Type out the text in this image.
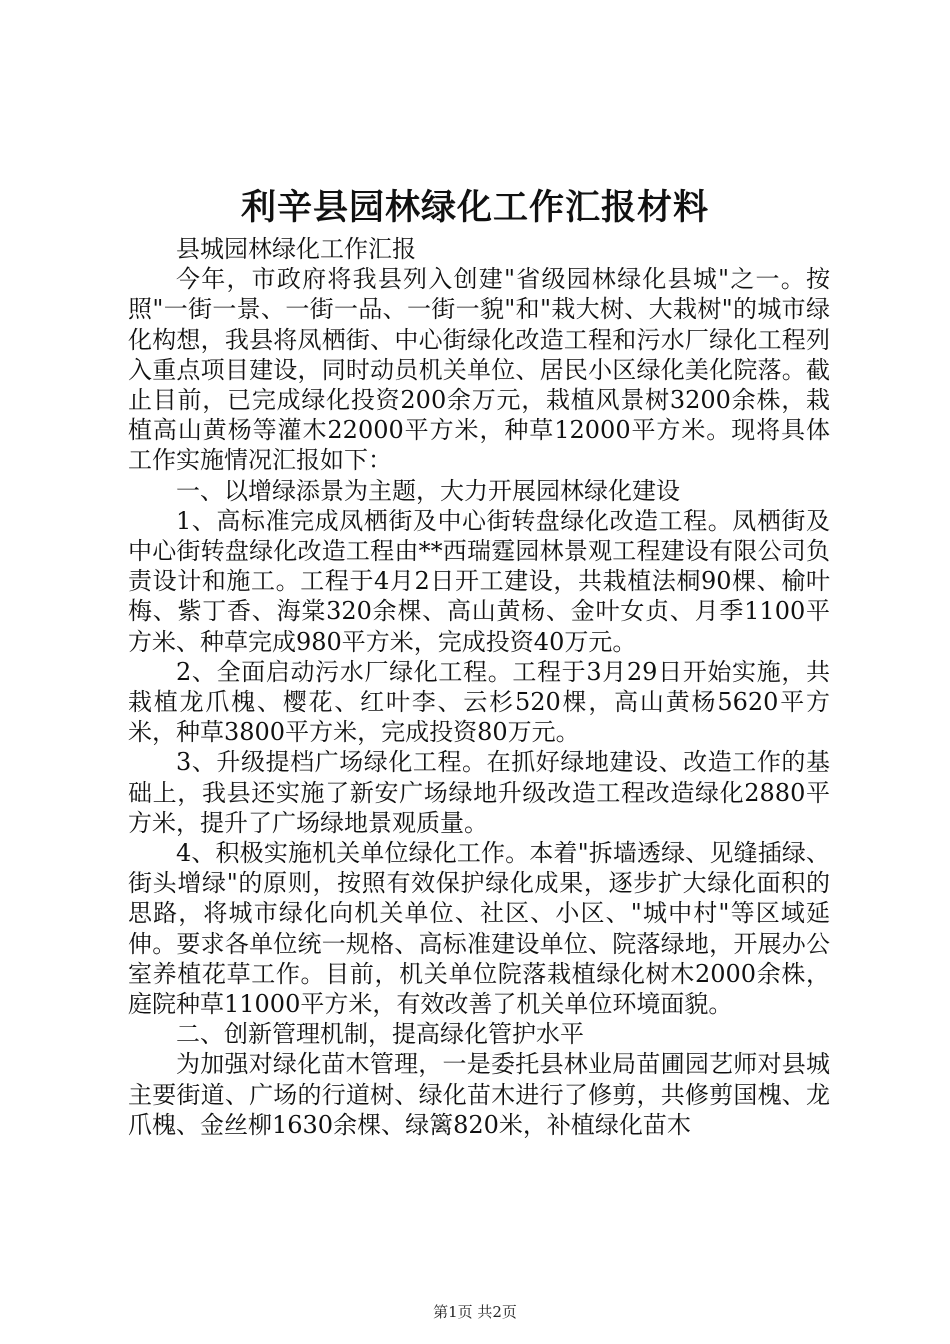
利辛县园林绿化工作汇报材料

县城园林绿化工作汇报

今年，市政府将我县列入创建"省级园林绿化县城"之一。按照"一街一景、一街一品、一街一貌"和"栽大树、大栽树"的城市绿化构想，我县将凤栖街、中心街绿化改造工程和污水厂绿化工程列入重点项目建设，同时动员机关单位、居民小区绿化美化院落。截止目前，已完成绿化投资200余万元，栽植风景树3200余株，栽植高山黄杨等灌木22000平方米，种草12000平方米。现将具体工作实施情况汇报如下：

一、以增绿添景为主题，大力开展园林绿化建设

1、高标准完成凤栖街及中心街转盘绿化改造工程。凤栖街及中心街转盘绿化改造工程由**西瑞霆园林景观工程建设有限公司负责设计和施工。工程于4月2日开工建设，共栽植法桐90棵、榆叶梅、紫丁香、海棠320余棵、高山黄杨、金叶女贞、月季1100平方米、种草完成980平方米，完成投资40万元。

2、全面启动污水厂绿化工程。工程于3月29日开始实施，共栽植龙爪槐、樱花、红叶李、云杉520棵，高山黄杨5620平方米，种草3800平方米，完成投资80万元。

3、升级提档广场绿化工程。在抓好绿地建设、改造工作的基础上，我县还实施了新安广场绿地升级改造工程改造绿化2880平方米，提升了广场绿地景观质量。

4、积极实施机关单位绿化工作。本着"拆墙透绿、见缝插绿、街头增绿"的原则，按照有效保护绿化成果，逐步扩大绿化面积的思路，将城市绿化向机关单位、社区、小区、"城中村"等区域延伸。要求各单位统一规格、高标准建设单位、院落绿地，开展办公室养植花草工作。目前，机关单位院落栽植绿化树木2000余株，庭院种草11000平方米，有效改善了机关单位环境面貌。

二、创新管理机制，提高绿化管护水平

为加强对绿化苗木管理，一是委托县林业局苗圃园艺师对县城主要街道、广场的行道树、绿化苗木进行了修剪，共修剪国槐、龙爪槐、金丝柳1630余棵、绿篱820米，补植绿化苗木

第1页 共2页
